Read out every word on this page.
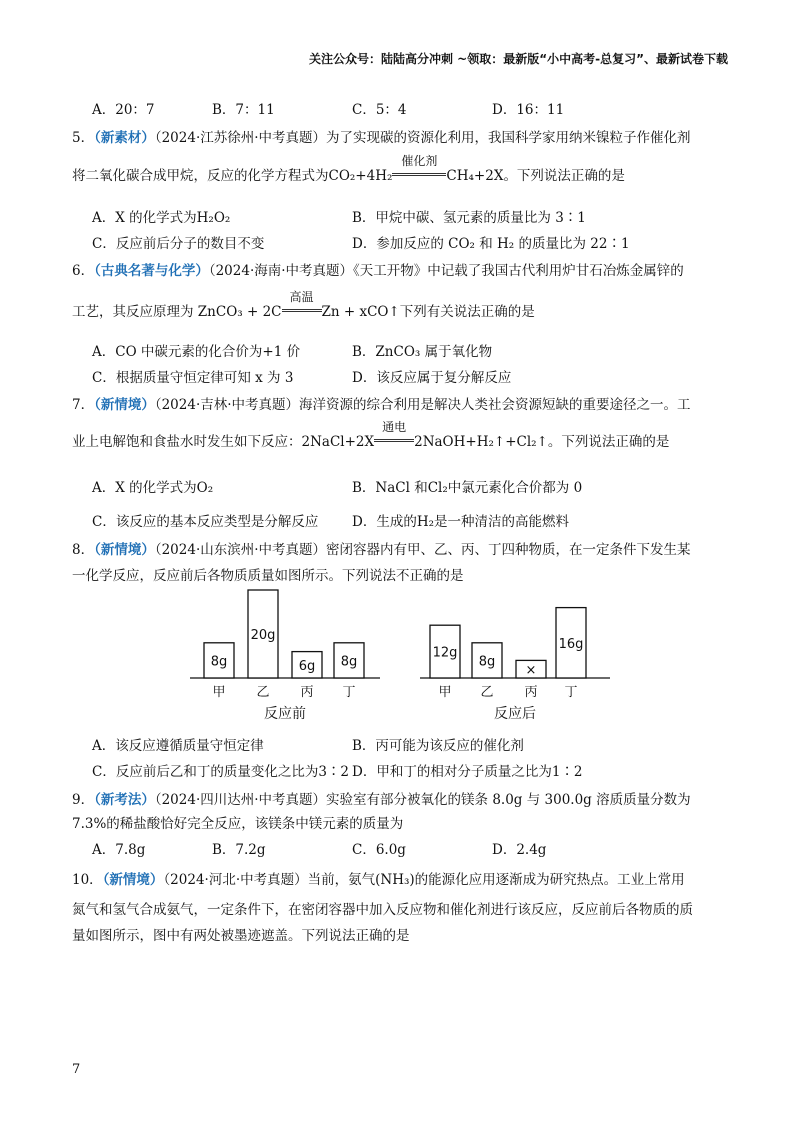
关注公众号：陆陆高分冲刺 ~领取：最新版“小中高考-总复习”、最新试卷下载
A．20：7	B．7：11	C．5：4	D．16：11
5．（新素材）（2024·江苏徐州·中考真题）为了实现碳的资源化利用，我国科学家用纳米镍粒子作催化剂
将二氧化碳合成甲烷，反应的化学方程式为CO₂+4H₂
催化剂
CH₄+2X。下列说法正确的是
A．X 的化学式为H₂O₂	B．甲烷中碳、氢元素的质量比为 3∶1
C．反应前后分子的数目不变	D．参加反应的 CO₂ 和 H₂ 的质量比为 22∶1
6．（古典名著与化学）（2024·海南·中考真题）《天工开物》中记载了我国古代利用炉甘石冶炼金属锌的
工艺，其反应原理为 ZnCO₃ + 2C
高温
Zn + xCO↑下列有关说法正确的是
A．CO 中碳元素的化合价为+1 价	B．ZnCO₃ 属于氧化物
C．根据质量守恒定律可知 x 为 3	D．该反应属于复分解反应
7．（新情境）（2024·吉林·中考真题）海洋资源的综合利用是解决人类社会资源短缺的重要途径之一。工
业上电解饱和食盐水时发生如下反应：2NaCl+2X
通电
2NaOH+H₂↑+Cl₂↑。下列说法正确的是
A．X 的化学式为O₂	B．NaCl 和Cl₂中氯元素化合价都为 0
C．该反应的基本反应类型是分解反应 D．生成的H₂是一种清洁的高能燃料
8．（新情境）（2024·山东滨州·中考真题）密闭容器内有甲、乙、丙、丁四种物质，在一定条件下发生某
一化学反应，反应前后各物质质量如图所示。下列说法不正确的是
8g
甲
20g
乙
6g
丙
8g
丁
反应前
12g
甲
8g
乙
×
丙
16g
丁
反应后
A．该反应遵循质量守恒定律	B．丙可能为该反应的催化剂
C．反应前后乙和丁的质量变化之比为3∶2 D．甲和丁的相对分子质量之比为1∶2
9．（新考法）（2024·四川达州·中考真题）实验室有部分被氧化的镁条 8.0g 与 300.0g 溶质质量分数为
7.3%的稀盐酸恰好完全反应，该镁条中镁元素的质量为
A．7.8g	B．7.2g	C．6.0g	D．2.4g
10．（新情境）（2024·河北·中考真题）当前，氨气(NH₃)的能源化应用逐渐成为研究热点。工业上常用
氮气和氢气合成氨气，一定条件下，在密闭容器中加入反应物和催化剂进行该反应，反应前后各物质的质
量如图所示，图中有两处被墨迹遮盖。下列说法正确的是
7
